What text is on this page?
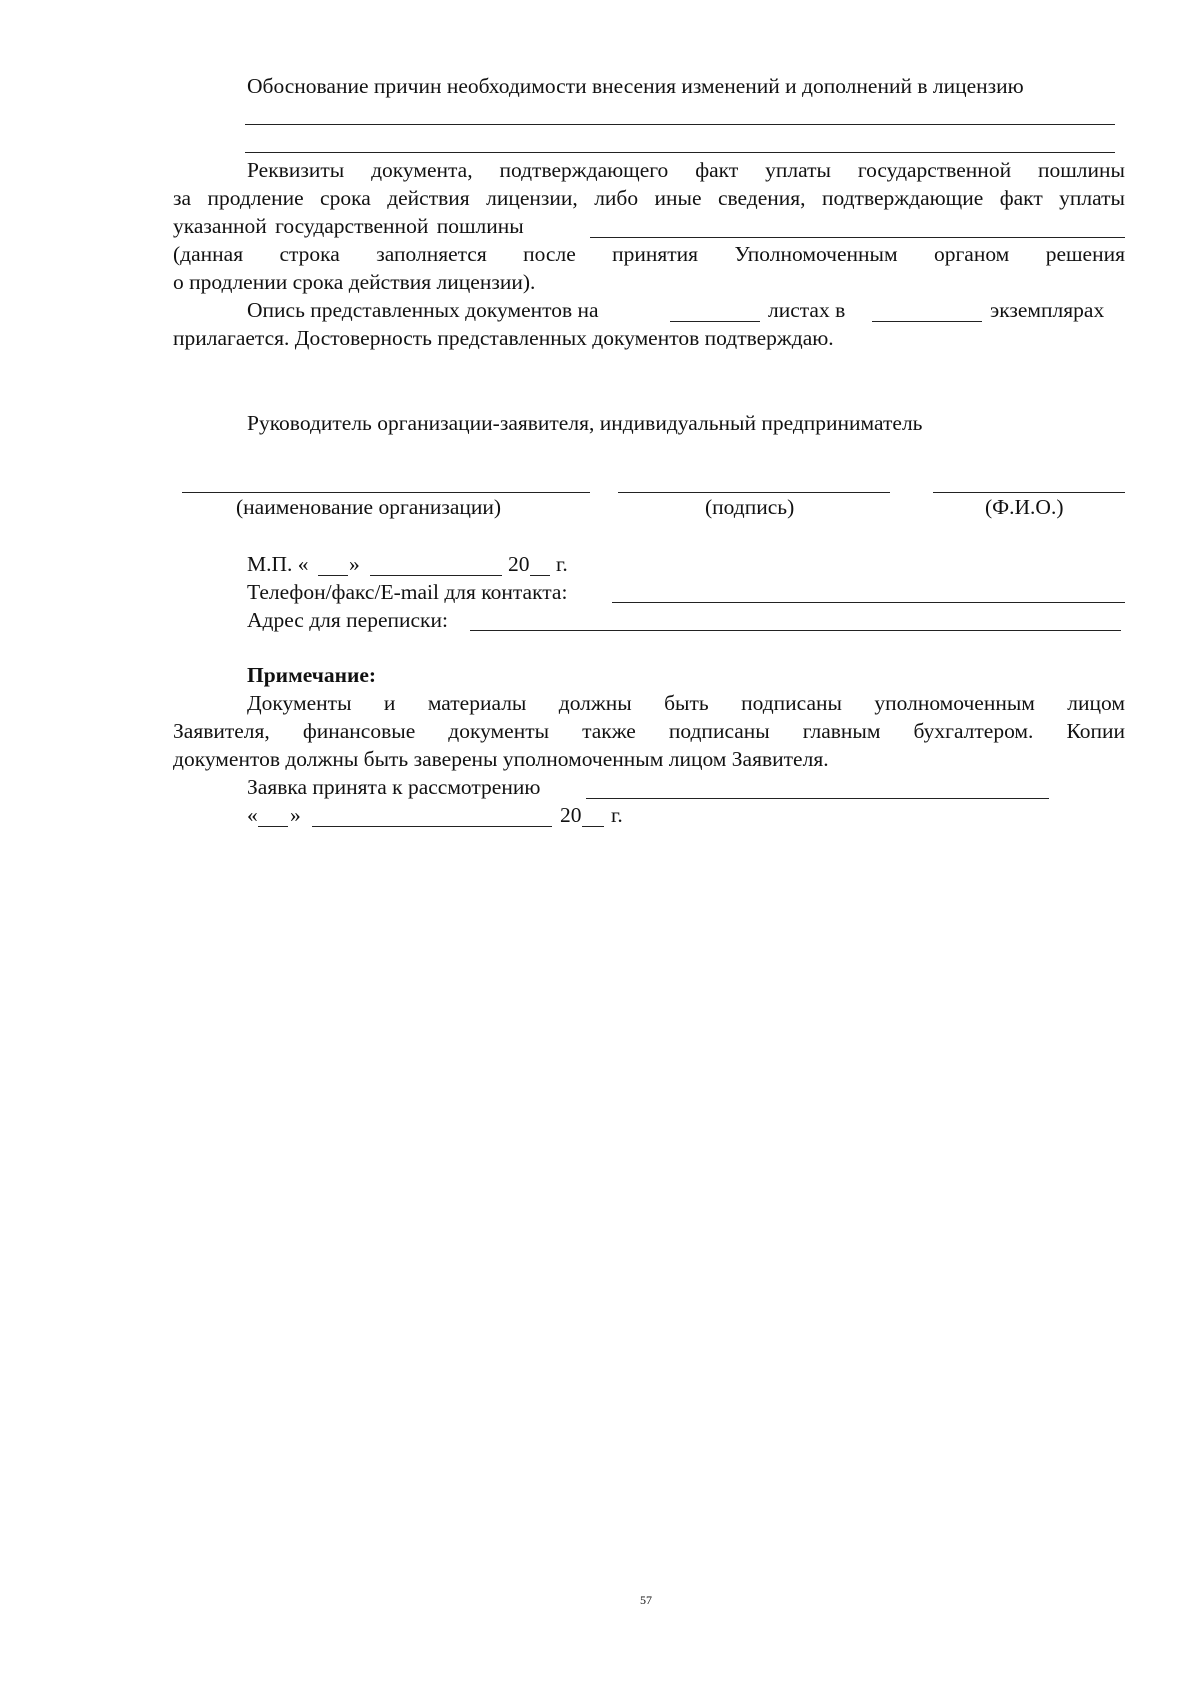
Обоснование причин необходимости внесения изменений и дополнений в лицензию
Реквизиты документа, подтверждающего факт уплаты государственной пошлины
за продление срока действия лицензии, либо иные сведения, подтверждающие факт уплаты
указанной государственной пошлины
(данная строка заполняется после принятия Уполномоченным органом решения
о продлении срока действия лицензии).
Опись представленных документов на	листах в	экземплярах
прилагается. Достоверность представленных документов подтверждаю.
Руководитель организации-заявителя, индивидуальный предприниматель
(наименование организации)	(подпись)	(Ф.И.О.)
М.П. « »	20 г.
Телефон/факс/E-mail для контакта:
Адрес для переписки:
Примечание:
Документы и материалы должны быть подписаны уполномоченным лицом
Заявителя, финансовые документы также подписаны главным бухгалтером. Копии
документов должны быть заверены уполномоченным лицом Заявителя.
Заявка принята к рассмотрению
« »	20 г.
57
